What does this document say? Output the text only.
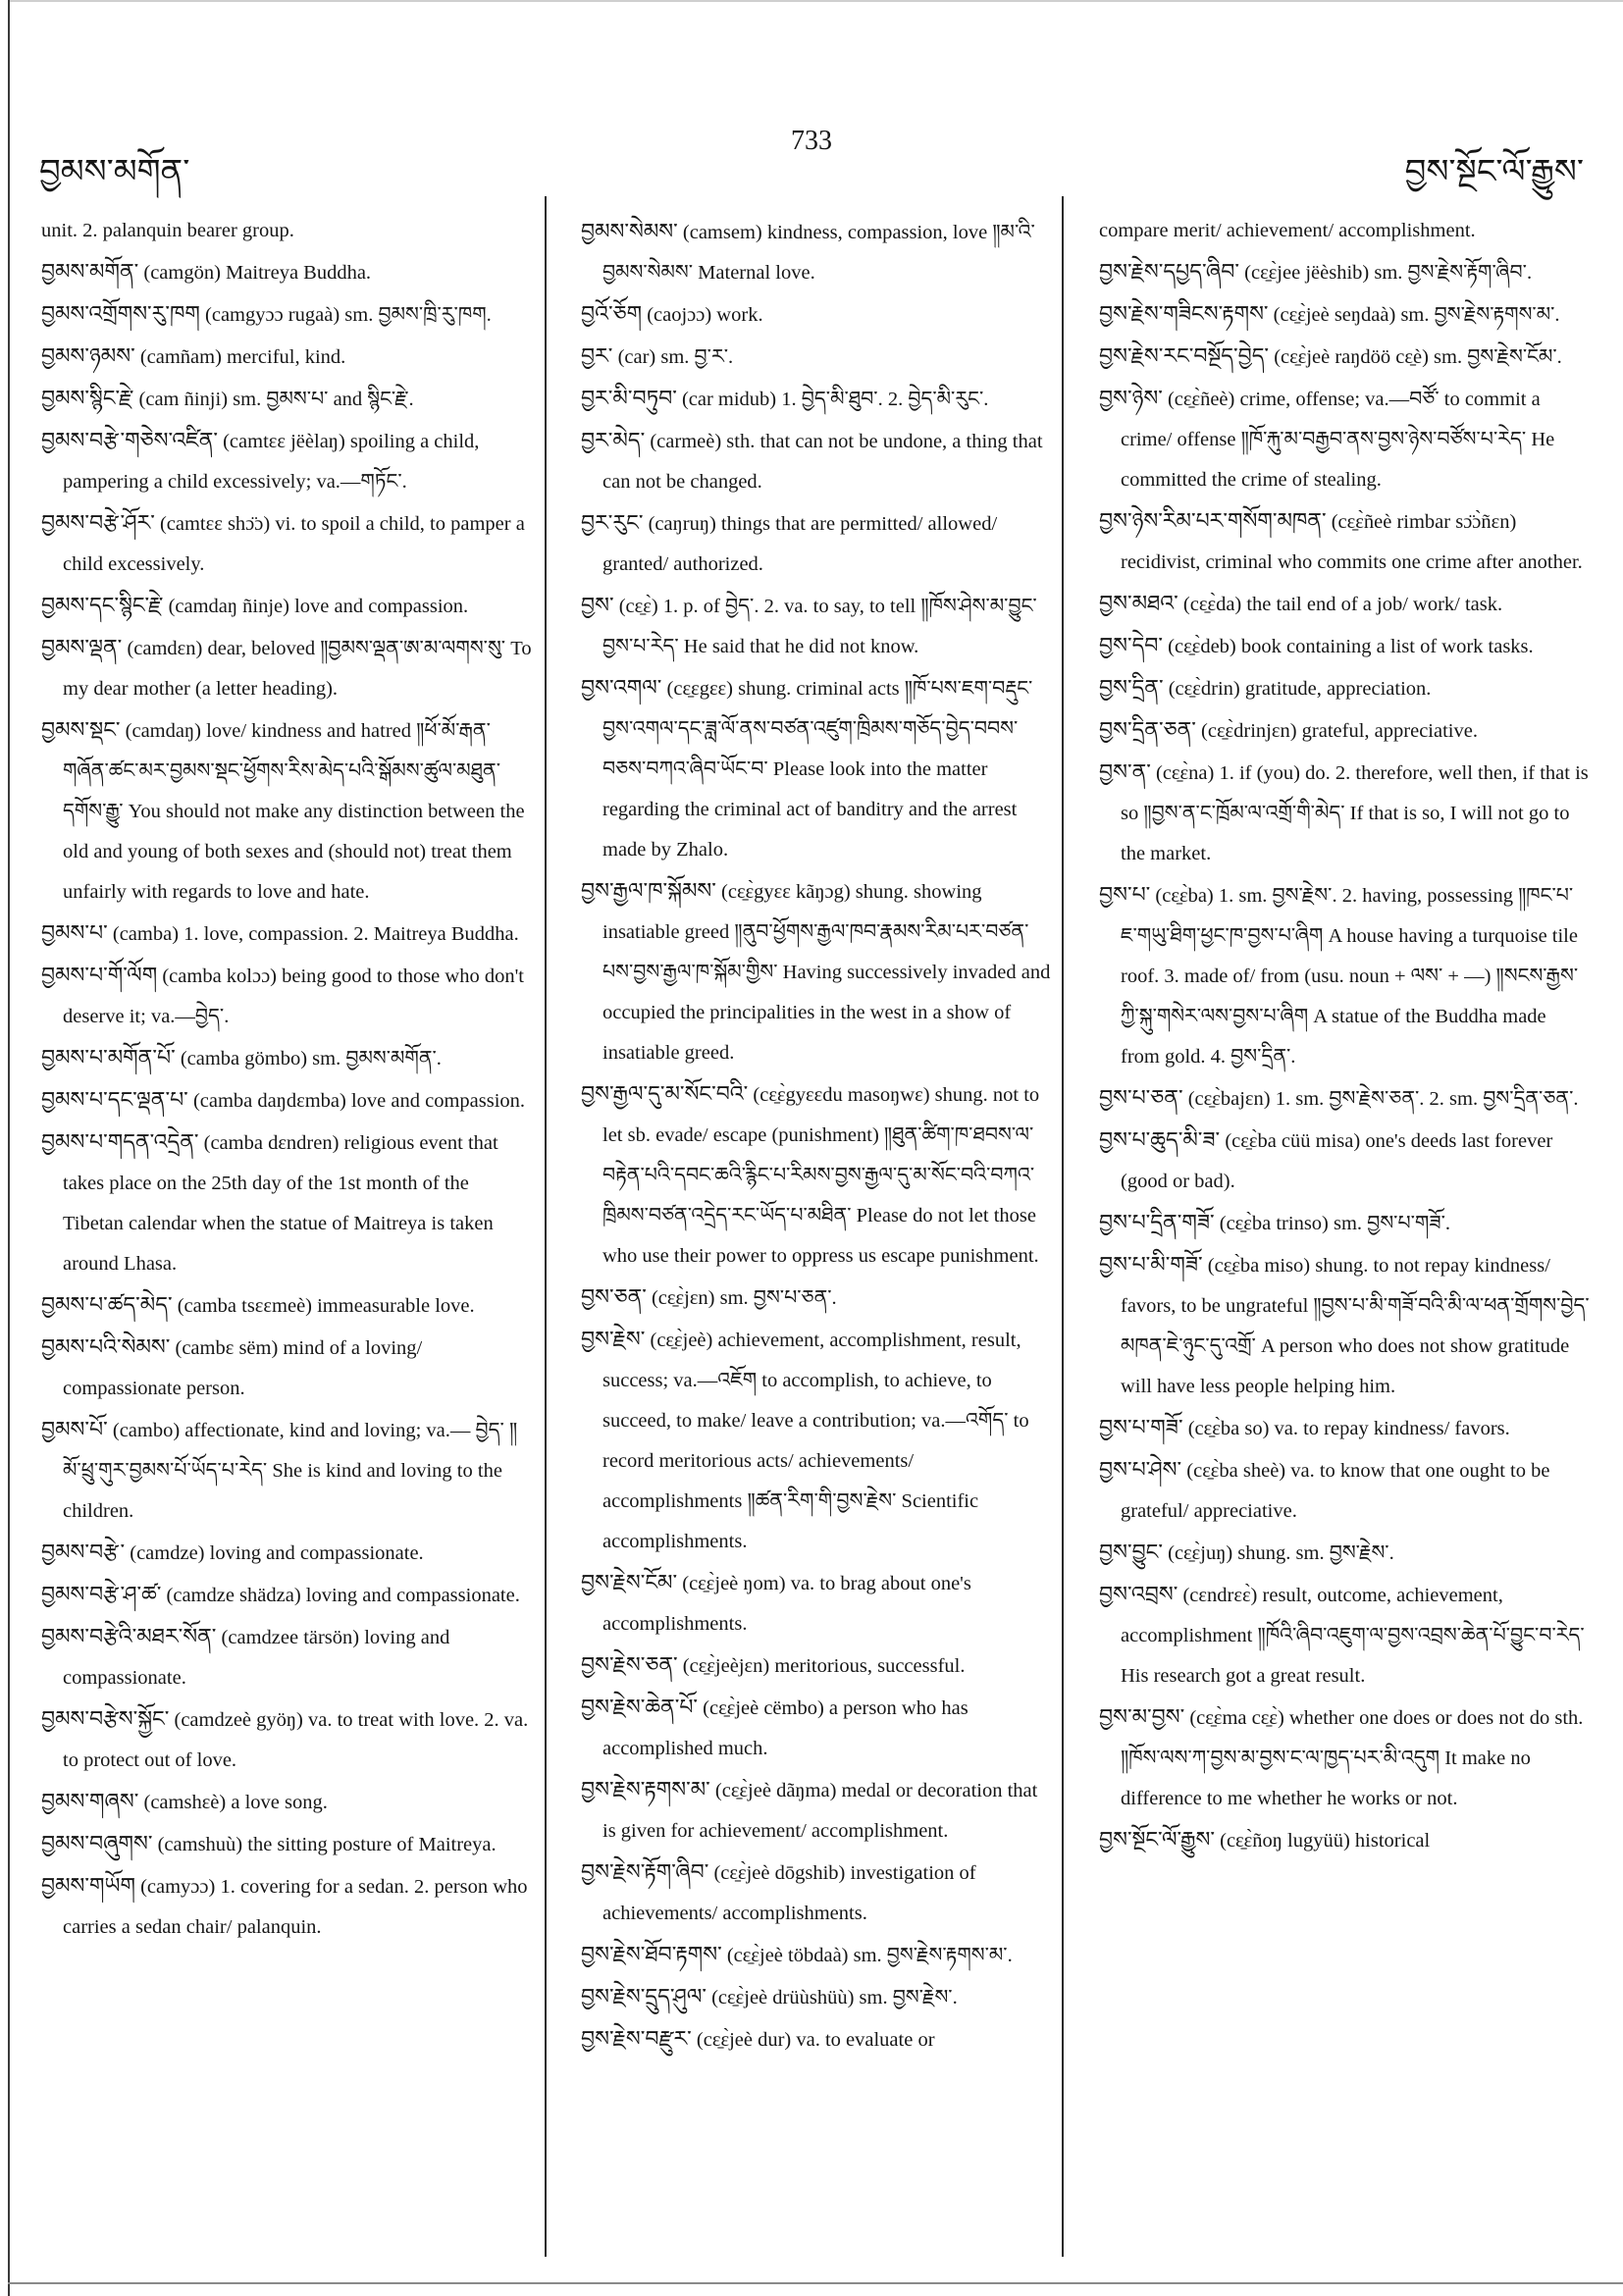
བྱམས་མགོན་
733
བྱས་སྔོང་ལོ་རྒྱུས་

unit. 2. palanquin bearer group.

བྱམས་མགོན་ (camgön) Maitreya Buddha.

བྱམས་འགྲོགས་རུ་ཁག (camgyɔɔ rugaà) sm. བྱམས་ཁྲི་རུ་ཁག.

བྱམས་ཉམས་ (camñam) merciful, kind.

བྱམས་སྙིང་རྗེ་ (cam ñinji) sm. བྱམས་པ་ and སྙིང་རྗེ་.

བྱམས་བརྩེ་གཅེས་འཛིན་ (camtɛɛ jëèlaŋ) spoiling a child, pampering a child excessively; va.—གཏོང་.

བྱམས་བརྩེ་ཤོར་ (camtɛɛ shɔ̈ɔ) vi. to spoil a child, to pamper a child excessively.

བྱམས་དང་སྙིང་རྗེ་ (camdaŋ ñinje) love and compassion.

བྱམས་ལྡན་ (camdɛn) dear, beloved ༎བྱམས་ལྡན་ཨ་མ་ལགས་སུ་ To my dear mother (a letter heading).

བྱམས་སྡང་ (camdaŋ) love/ kindness and hatred ༎ཕོ་མོ་རྒན་གཞོན་ཚང་མར་བྱམས་སྡང་ཕྱོགས་རིས་མེད་པའི་སྒོམས་ཚུལ་མཐུན་དགོས་རྒྱུ་ You should not make any distinction between the old and young of both sexes and (should not) treat them unfairly with regards to love and hate.

བྱམས་པ་ (camba) 1. love, compassion. 2. Maitreya Buddha.

བྱམས་པ་གོ་ལོག (camba kolɔɔ) being good to those who don't deserve it; va.—བྱེད་.

བྱམས་པ་མགོན་པོ་ (camba gömbo) sm. བྱམས་མགོན་.

བྱམས་པ་དང་ལྡན་པ་ (camba daŋdɛmba) love and compassion.

བྱམས་པ་གདན་འདྲེན་ (camba dɛndren) religious event that takes place on the 25th day of the 1st month of the Tibetan calendar when the statue of Maitreya is taken around Lhasa.

བྱམས་པ་ཚད་མེད་ (camba tsɛɛmeè) immeasurable love.

བྱམས་པའི་སེམས་ (cambɛ sëm) mind of a loving/ compassionate person.

བྱམས་པོ་ (cambo) affectionate, kind and loving; va.— བྱེད་ ༎མོ་ཕྲུ་གུར་བྱམས་པོ་ཡོད་པ་རེད་ She is kind and loving to the children.

བྱམས་བརྩེ་ (camdze) loving and compassionate.

བྱམས་བརྩེ་ཤ་ཚ་ (camdze shädza) loving and compassionate.

བྱམས་བརྩེའི་མཐར་སོན་ (camdzee tärsön) loving and compassionate.

བྱམས་བརྩེས་སྐྱོང་ (camdzeè gyöŋ) va. to treat with love. 2. va. to protect out of love.

བྱམས་གཞས་ (camshɛè) a love song.

བྱམས་བཞུགས་ (camshuù) the sitting posture of Maitreya.

བྱམས་གཡོག (camyɔɔ) 1. covering for a sedan. 2. person who carries a sedan chair/ palanquin.

བྱམས་སེམས་ (camsem) kindness, compassion, love ༎མ་འི་བྱམས་སེམས་ Maternal love.

བྱའོ་ཅོག (caojɔɔ) work.

བྱར་ (car) sm. བྱ་ར་.

བྱར་མི་བཏུབ་ (car midub) 1. བྱེད་མི་ཐུབ་. 2. བྱེད་མི་རུང་.

བྱར་མེད་ (carmeè) sth. that can not be undone, a thing that can not be changed.

བྱར་རུང་ (caŋruŋ) things that are permitted/ allowed/ granted/ authorized.

བྱས་ (cɛ̱ɛ̀) 1. p. of བྱེད་. 2. va. to say, to tell ༎ཁོས་ཤེས་མ་བྱུང་བྱས་པ་རེད་ He said that he did not know.

བྱས་འགལ་ (cɛ̱ɛgɛɛ) shung. criminal acts ༎ཁོ་པས་ཇག་བརྡུང་བྱས་འགལ་དང་ཟླ་ལོ་ནས་བཙན་འཛུག་ཁྲིམས་གཅོད་བྱེད་བབས་བཅས་བཀའ་ཞིབ་ཡོང་བ་ Please look into the matter regarding the criminal act of banditry and the arrest made by Zhalo.

བྱས་རྒྱལ་ཁ་སྐོམས་ (cɛ̱ɛ̀gyɛɛ kãŋɔg) shung. showing insatiable greed ༎ནུབ་ཕྱོགས་རྒྱལ་ཁབ་རྣམས་རིམ་པར་བཙན་པས་བྱས་རྒྱལ་ཁ་སྐོམ་གྱིས་ Having successively invaded and occupied the principalities in the west in a show of insatiable greed.

བྱས་རྒྱལ་དུ་མ་སོང་བའི་ (cɛ̱ɛ̀gyɛɛdu masoŋwɛ) shung. not to let sb. evade/ escape (punishment) ༎ཐུན་ཚིག་ཁ་ཐབས་ལ་བརྟེན་པའི་དབང་ཆའི་རྙིང་པ་རིམས་བྱས་རྒྱལ་དུ་མ་སོང་བའི་བཀའ་ཁྲིམས་བཙན་འདྲེད་རང་ཡོད་པ་མཐིན་ Please do not let those who use their power to oppress us escape punishment.

བྱས་ཅན་ (cɛ̱ɛ̀jɛn) sm. བྱས་པ་ཅན་.

བྱས་རྗེས་ (cɛ̱ɛ̀jeè) achievement, accomplishment, result, success; va.—འཇོག to accomplish, to achieve, to succeed, to make/ leave a contribution; va.—འགོད་ to record meritorious acts/ achievements/ accomplishments ༎ཚན་རིག་གི་བྱས་རྗེས་ Scientific accomplishments.

བྱས་རྗེས་ངོམ་ (cɛ̱ɛ̀jeè ŋom) va. to brag about one's accomplishments.

བྱས་རྗེས་ཅན་ (cɛ̱ɛ̀jeèjɛn) meritorious, successful.

བྱས་རྗེས་ཆེན་པོ་ (cɛ̱ɛ̀jeè cëmbo) a person who has accomplished much.

བྱས་རྗེས་རྟགས་མ་ (cɛ̱ɛ̀jeè dãŋma) medal or decoration that is given for achievement/ accomplishment.

བྱས་རྗེས་རྟོག་ཞིབ་ (cɛ̱ɛ̀jeè dōgshib) investigation of achievements/ accomplishments.

བྱས་རྗེས་ཐོབ་རྟགས་ (cɛ̱ɛ̀jeè töbdaà) sm. བྱས་རྗེས་རྟགས་མ་.

བྱས་རྗེས་དྲུད་ཤུལ་ (cɛ̱ɛ̀jeè drüùshüù) sm. བྱས་རྗེས་.

བྱས་རྗེས་བརྫུར་ (cɛ̱ɛ̀jeè dur) va. to evaluate or

compare merit/ achievement/ accomplishment.

བྱས་རྗེས་དཔྱད་ཞིབ་ (cɛ̱ɛ̀jee jëèshib) sm. བྱས་རྗེས་རྟོག་ཞིབ་.

བྱས་རྗེས་གཟིངས་རྟགས་ (cɛ̱ɛ̀jeè seŋdaà) sm. བྱས་རྗེས་རྟགས་མ་.

བྱས་རྗེས་རང་བསྔོད་བྱེད་ (cɛ̱ɛ̀jeè raŋdöö cɛ̱è) sm. བྱས་རྗེས་ངོམ་.

བྱས་ཉེས་ (cɛ̱ɛ̀ñeè) crime, offense; va.—བཙོ་ to commit a crime/ offense ༎ཁོ་རྐུ་མ་བརྒྱབ་ནས་བྱས་ཉེས་བཙོས་པ་རེད་ He committed the crime of stealing.

བྱས་ཉེས་རིམ་པར་གསོག་མཁན་ (cɛ̱ɛ̀ñeè rimbar sɔ̈ɔ̀ñɛn) recidivist, criminal who commits one crime after another.

བྱས་མཐའ་ (cɛ̱ɛ̀da) the tail end of a job/ work/ task.

བྱས་དེབ་ (cɛ̱ɛ̀deb) book containing a list of work tasks.

བྱས་དྲིན་ (cɛ̱ɛ̀drin) gratitude, appreciation.

བྱས་དྲིན་ཅན་ (cɛ̱ɛ̀drinjɛn) grateful, appreciative.

བྱས་ན་ (cɛ̱ɛ̀na) 1. if (you) do. 2. therefore, well then, if that is so ༎བྱས་ན་ང་ཁྲོམ་ལ་འགྲོ་གི་མེད་ If that is so, I will not go to the market.

བྱས་པ་ (cɛ̱ɛ̀ba) 1. sm. བྱས་རྗེས་. 2. having, possessing ༎ཁང་པ་ཇ་གཡུ་ཐིག་ཕྱང་ཁ་བྱས་པ་ཞིག A house having a turquoise tile roof. 3. made of/ from (usu. noun + ལས་ + —) ༎སངས་རྒྱས་ཀྱི་སྐུ་གསེར་ལས་བྱས་པ་ཞིག A statue of the Buddha made from gold. 4. བྱས་དྲིན་.

བྱས་པ་ཅན་ (cɛ̱ɛ̀bajɛn) 1. sm. བྱས་རྗེས་ཅན་. 2. sm. བྱས་དྲིན་ཅན་.

བྱས་པ་ཆུད་མི་ཟ་ (cɛ̱ɛ̀ba cüü misa) one's deeds last forever (good or bad).

བྱས་པ་དྲིན་གཟོ་ (cɛ̱ɛ̀ba trinso) sm. བྱས་པ་གཟོ་.

བྱས་པ་མི་གཟོ་ (cɛ̱ɛ̀ba miso) shung. to not repay kindness/ favors, to be ungrateful ༎བྱས་པ་མི་གཟོ་བའི་མི་ལ་ཕན་གྲོགས་བྱེད་མཁན་ཇེ་ཉུང་དུ་འགྲོ་ A person who does not show gratitude will have less people helping him.

བྱས་པ་གཟོ་ (cɛ̱ɛ̀ba so) va. to repay kindness/ favors.

བྱས་པ་ཤེས་ (cɛ̱ɛ̀ba sheè) va. to know that one ought to be grateful/ appreciative.

བྱས་བྱུང་ (cɛ̱ɛ̀juŋ) shung. sm. བྱས་རྗེས་.

བྱས་འབྲས་ (cɛndrɛɛ̀) result, outcome, achievement, accomplishment ༎ཁོའི་ཞིབ་འཇུག་ལ་བྱས་འབྲས་ཆེན་པོ་བྱུང་བ་རེད་ His research got a great result.

བྱས་མ་བྱས་ (cɛ̱ɛ̀ma cɛ̱ɛ̀) whether one does or does not do sth. ༎ཁོས་ལས་ཀ་བྱས་མ་བྱས་ང་ལ་ཁྱད་པར་མི་འདུག It make no difference to me whether he works or not.

བྱས་སྔོང་ལོ་རྒྱུས་ (cɛ̱ɛ̀ñoŋ lugyüü) historical
